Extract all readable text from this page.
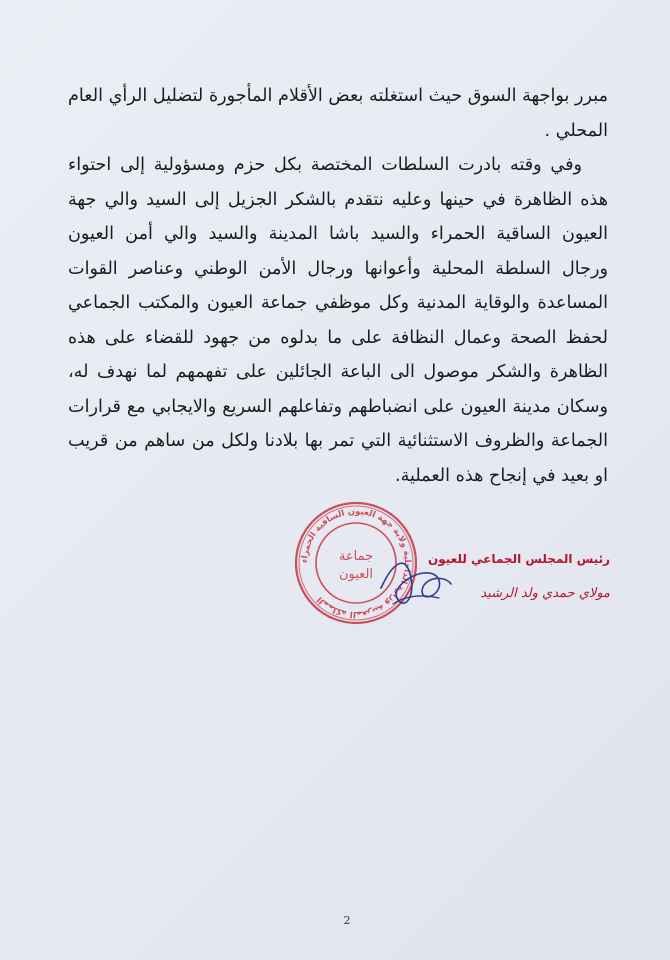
مبرر بواجهة السوق حيث استغلته بعض الأقلام المأجورة لتضليل الرأي العام المحلي .

وفي وقته بادرت السلطات المختصة بكل حزم ومسؤولية إلى احتواء هذه الظاهرة في حينها وعليه نتقدم بالشكر الجزيل إلى السيد والي جهة العيون الساقية الحمراء والسيد باشا المدينة والسيد والي أمن العيون ورجال السلطة المحلية وأعوانها ورجال الأمن الوطني وعناصر القوات المساعدة والوقاية المدنية وكل موظفي جماعة العيون والمكتب الجماعي لحفظ الصحة وعمال النظافة على ما بدلوه من جهود للقضاء على هذه الظاهرة والشكر موصول الى الباعة الجائلين على تفهمهم لما نهدف له، وسكان مدينة العيون على انضباطهم وتفاعلهم السريع والايجابي مع قرارات الجماعة والظروف الاستثنائية التي تمر بها بلادنا ولكل من ساهم من قريب او بعيد في إنجاح هذه العملية.

المملكة المغربية وزارة الداخلية ولاية جهة العيون الساقية الحمراء
جماعة
العيون
رئيس المجلس الجماعي للعيون
مولاي حمدي ولد الرشيد
2
